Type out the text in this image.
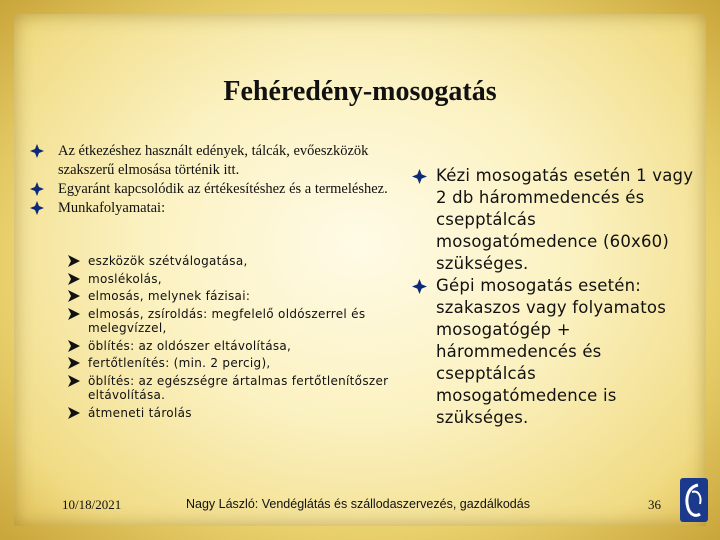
Fehéredény-mosogatás
Az étkezéshez használt edények, tálcák, evőeszközök szakszerű elmosása történik itt.
Egyaránt kapcsolódik az értékesítéshez és a termeléshez.
Munkafolyamatai:
eszközök szétválogatása,
moslékolás,
elmosás, melynek fázisai:
elmosás, zsíroldás: megfelelő oldószerrel és melegvízzel,
öblítés: az oldószer eltávolítása,
fertőtlenítés: (min. 2 percig),
öblítés: az egészségre ártalmas fertőtlenítőszer eltávolítása.
átmeneti tárolás
Kézi mosogatás esetén 1 vagy 2 db hárommedencés és csepptálcás mosogatómedence (60x60) szükséges.
Gépi mosogatás esetén: szakaszos vagy folyamatos mosogatógép + hárommedencés és csepptálcás mosogatómedence is szükséges.
10/18/2021	Nagy László: Vendéglátás és szállodaszervezés, gazdálkodás	36
